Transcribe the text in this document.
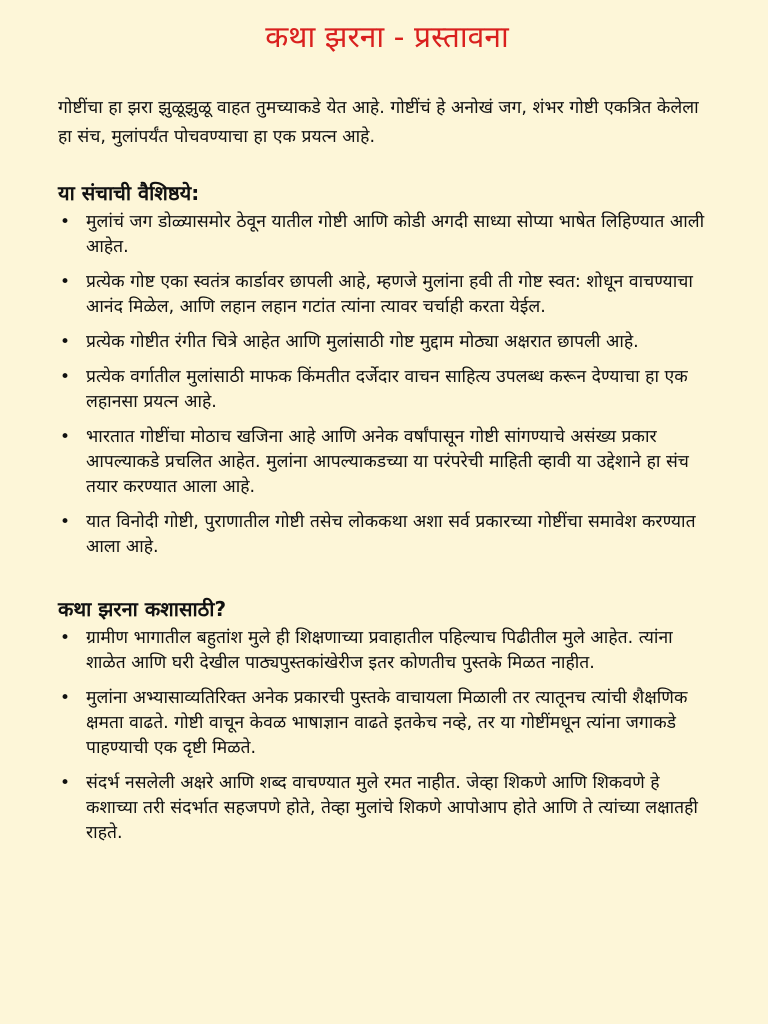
कथा झरना - प्रस्तावना

गोष्टींचा हा झरा झुळूझुळू वाहत तुमच्याकडे येत आहे. गोष्टींचं हे अनोखं जग, शंभर गोष्टी एकत्रित केलेला हा संच, मुलांपर्यंत पोचवण्याचा हा एक प्रयत्न आहे.

या संचाची वैशिष्ठये:
• मुलांचं जग डोळ्यासमोर ठेवून यातील गोष्टी आणि कोडी अगदी साध्या सोप्या भाषेत लिहिण्यात आली आहेत.
• प्रत्येक गोष्ट एका स्वतंत्र कार्डावर छापली आहे, म्हणजे मुलांना हवी ती गोष्ट स्वत: शोधून वाचण्याचा आनंद मिळेल, आणि लहान लहान गटांत त्यांना त्यावर चर्चाही करता येईल.
• प्रत्येक गोष्टीत रंगीत चित्रे आहेत आणि मुलांसाठी गोष्ट मुद्दाम मोठ्या अक्षरात छापली आहे.
• प्रत्येक वर्गातील मुलांसाठी माफक किंमतीत दर्जेदार वाचन साहित्य उपलब्ध करून देण्याचा हा एक लहानसा प्रयत्न आहे.
• भारतात गोष्टींचा मोठाच खजिना आहे आणि अनेक वर्षांपासून गोष्टी सांगण्याचे असंख्य प्रकार आपल्याकडे प्रचलित आहेत. मुलांना आपल्याकडच्या या परंपरेची माहिती व्हावी या उद्देशाने हा संच तयार करण्यात आला आहे.
• यात विनोदी गोष्टी, पुराणातील गोष्टी तसेच लोककथा अशा सर्व प्रकारच्या गोष्टींचा समावेश करण्यात आला आहे.
कथा झरना कशासाठी?
• ग्रामीण भागातील बहुतांश मुले ही शिक्षणाच्या प्रवाहातील पहिल्याच पिढीतील मुले आहेत. त्यांना शाळेत आणि घरी देखील पाठ्यपुस्तकांखेरीज इतर कोणतीच पुस्तके मिळत नाहीत.
• मुलांना अभ्यासाव्यतिरिक्त अनेक प्रकारची पुस्तके वाचायला मिळाली तर त्यातूनच त्यांची शैक्षणिक क्षमता वाढते. गोष्टी वाचून केवळ भाषाज्ञान वाढते इतकेच नव्हे, तर या गोष्टींमधून त्यांना जगाकडे पाहण्याची एक दृष्टी मिळते.
• संदर्भ नसलेली अक्षरे आणि शब्द वाचण्यात मुले रमत नाहीत. जेव्हा शिकणे आणि शिकवणे हे कशाच्या तरी संदर्भात सहजपणे होते, तेव्हा मुलांचे शिकणे आपोआप होते आणि ते त्यांच्या लक्षातही राहते.
